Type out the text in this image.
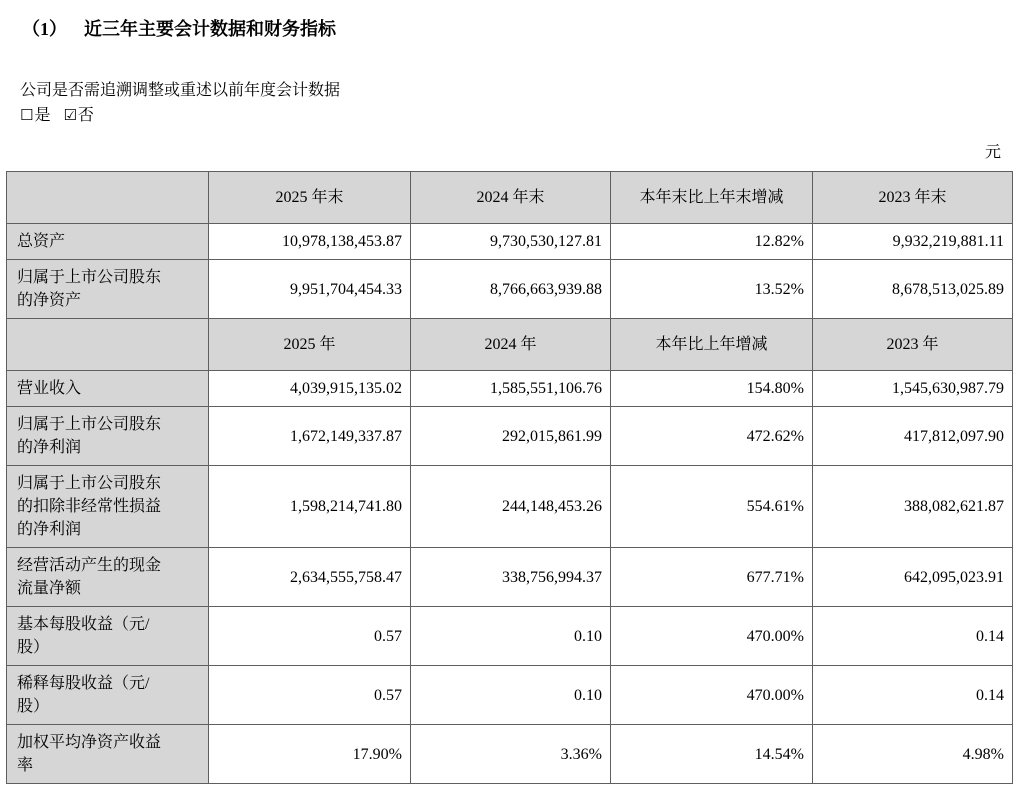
（1） 近三年主要会计数据和财务指标
公司是否需追溯调整或重述以前年度会计数据
☐是 ☑否
元
	2025 年末	2024 年末	本年末比上年末增减	2023 年末
总资产	10,978,138,453.87	9,730,530,127.81	12.82%	9,932,219,881.11
归属于上市公司股东的净资产	9,951,704,454.33	8,766,663,939.88	13.52%	8,678,513,025.89
	2025 年	2024 年	本年比上年增减	2023 年
营业收入	4,039,915,135.02	1,585,551,106.76	154.80%	1,545,630,987.79
归属于上市公司股东的净利润	1,672,149,337.87	292,015,861.99	472.62%	417,812,097.90
归属于上市公司股东的扣除非经常性损益的净利润	1,598,214,741.80	244,148,453.26	554.61%	388,082,621.87
经营活动产生的现金流量净额	2,634,555,758.47	338,756,994.37	677.71%	642,095,023.91
基本每股收益（元/股）	0.57	0.10	470.00%	0.14
稀释每股收益（元/股）	0.57	0.10	470.00%	0.14
加权平均净资产收益率	17.90%	3.36%	14.54%	4.98%
